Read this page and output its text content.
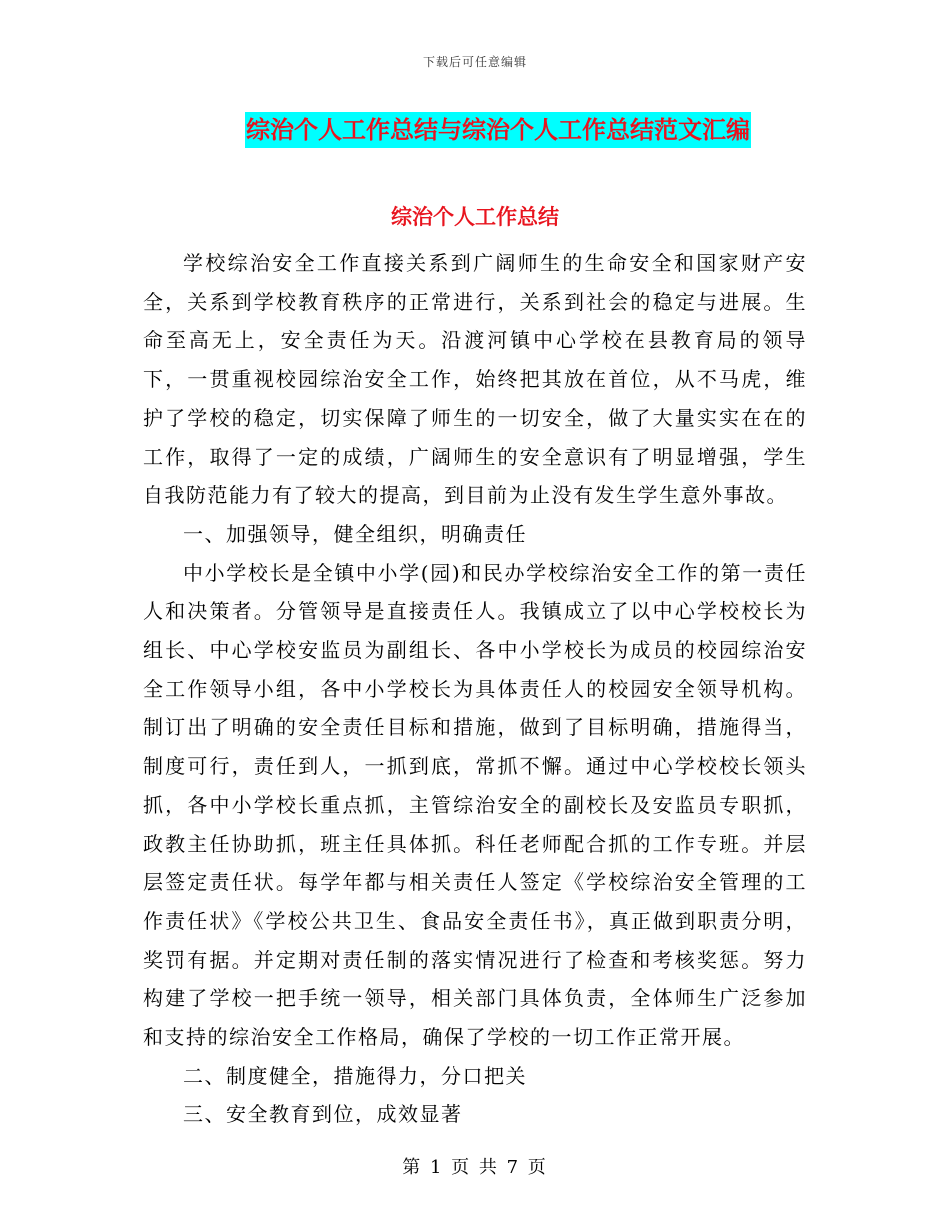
下载后可任意编辑
综治个人工作总结与综治个人工作总结范文汇编
综治个人工作总结

学校综治安全工作直接关系到广阔师生的生命安全和国家财产安全，关系到学校教育秩序的正常进行，关系到社会的稳定与进展。生命至高无上，安全责任为天。沿渡河镇中心学校在县教育局的领导下，一贯重视校园综治安全工作，始终把其放在首位，从不马虎，维护了学校的稳定，切实保障了师生的一切安全，做了大量实实在在的工作，取得了一定的成绩，广阔师生的安全意识有了明显增强，学生自我防范能力有了较大的提高，到目前为止没有发生学生意外事故。

一、加强领导，健全组织，明确责任

中小学校长是全镇中小学(园)和民办学校综治安全工作的第一责任人和决策者。分管领导是直接责任人。我镇成立了以中心学校校长为组长、中心学校安监员为副组长、各中小学校长为成员的校园综治安全工作领导小组，各中小学校长为具体责任人的校园安全领导机构。制订出了明确的安全责任目标和措施，做到了目标明确，措施得当，制度可行，责任到人，一抓到底，常抓不懈。通过中心学校校长领头抓，各中小学校长重点抓，主管综治安全的副校长及安监员专职抓，政教主任协助抓，班主任具体抓。科任老师配合抓的工作专班。并层层签定责任状。每学年都与相关责任人签定《学校综治安全管理的工作责任状》《学校公共卫生、食品安全责任书》，真正做到职责分明，奖罚有据。并定期对责任制的落实情况进行了检查和考核奖惩。努力构建了学校一把手统一领导，相关部门具体负责，全体师生广泛参加和支持的综治安全工作格局，确保了学校的一切工作正常开展。

二、制度健全，措施得力，分口把关

三、安全教育到位，成效显著

第 1 页 共 7 页
